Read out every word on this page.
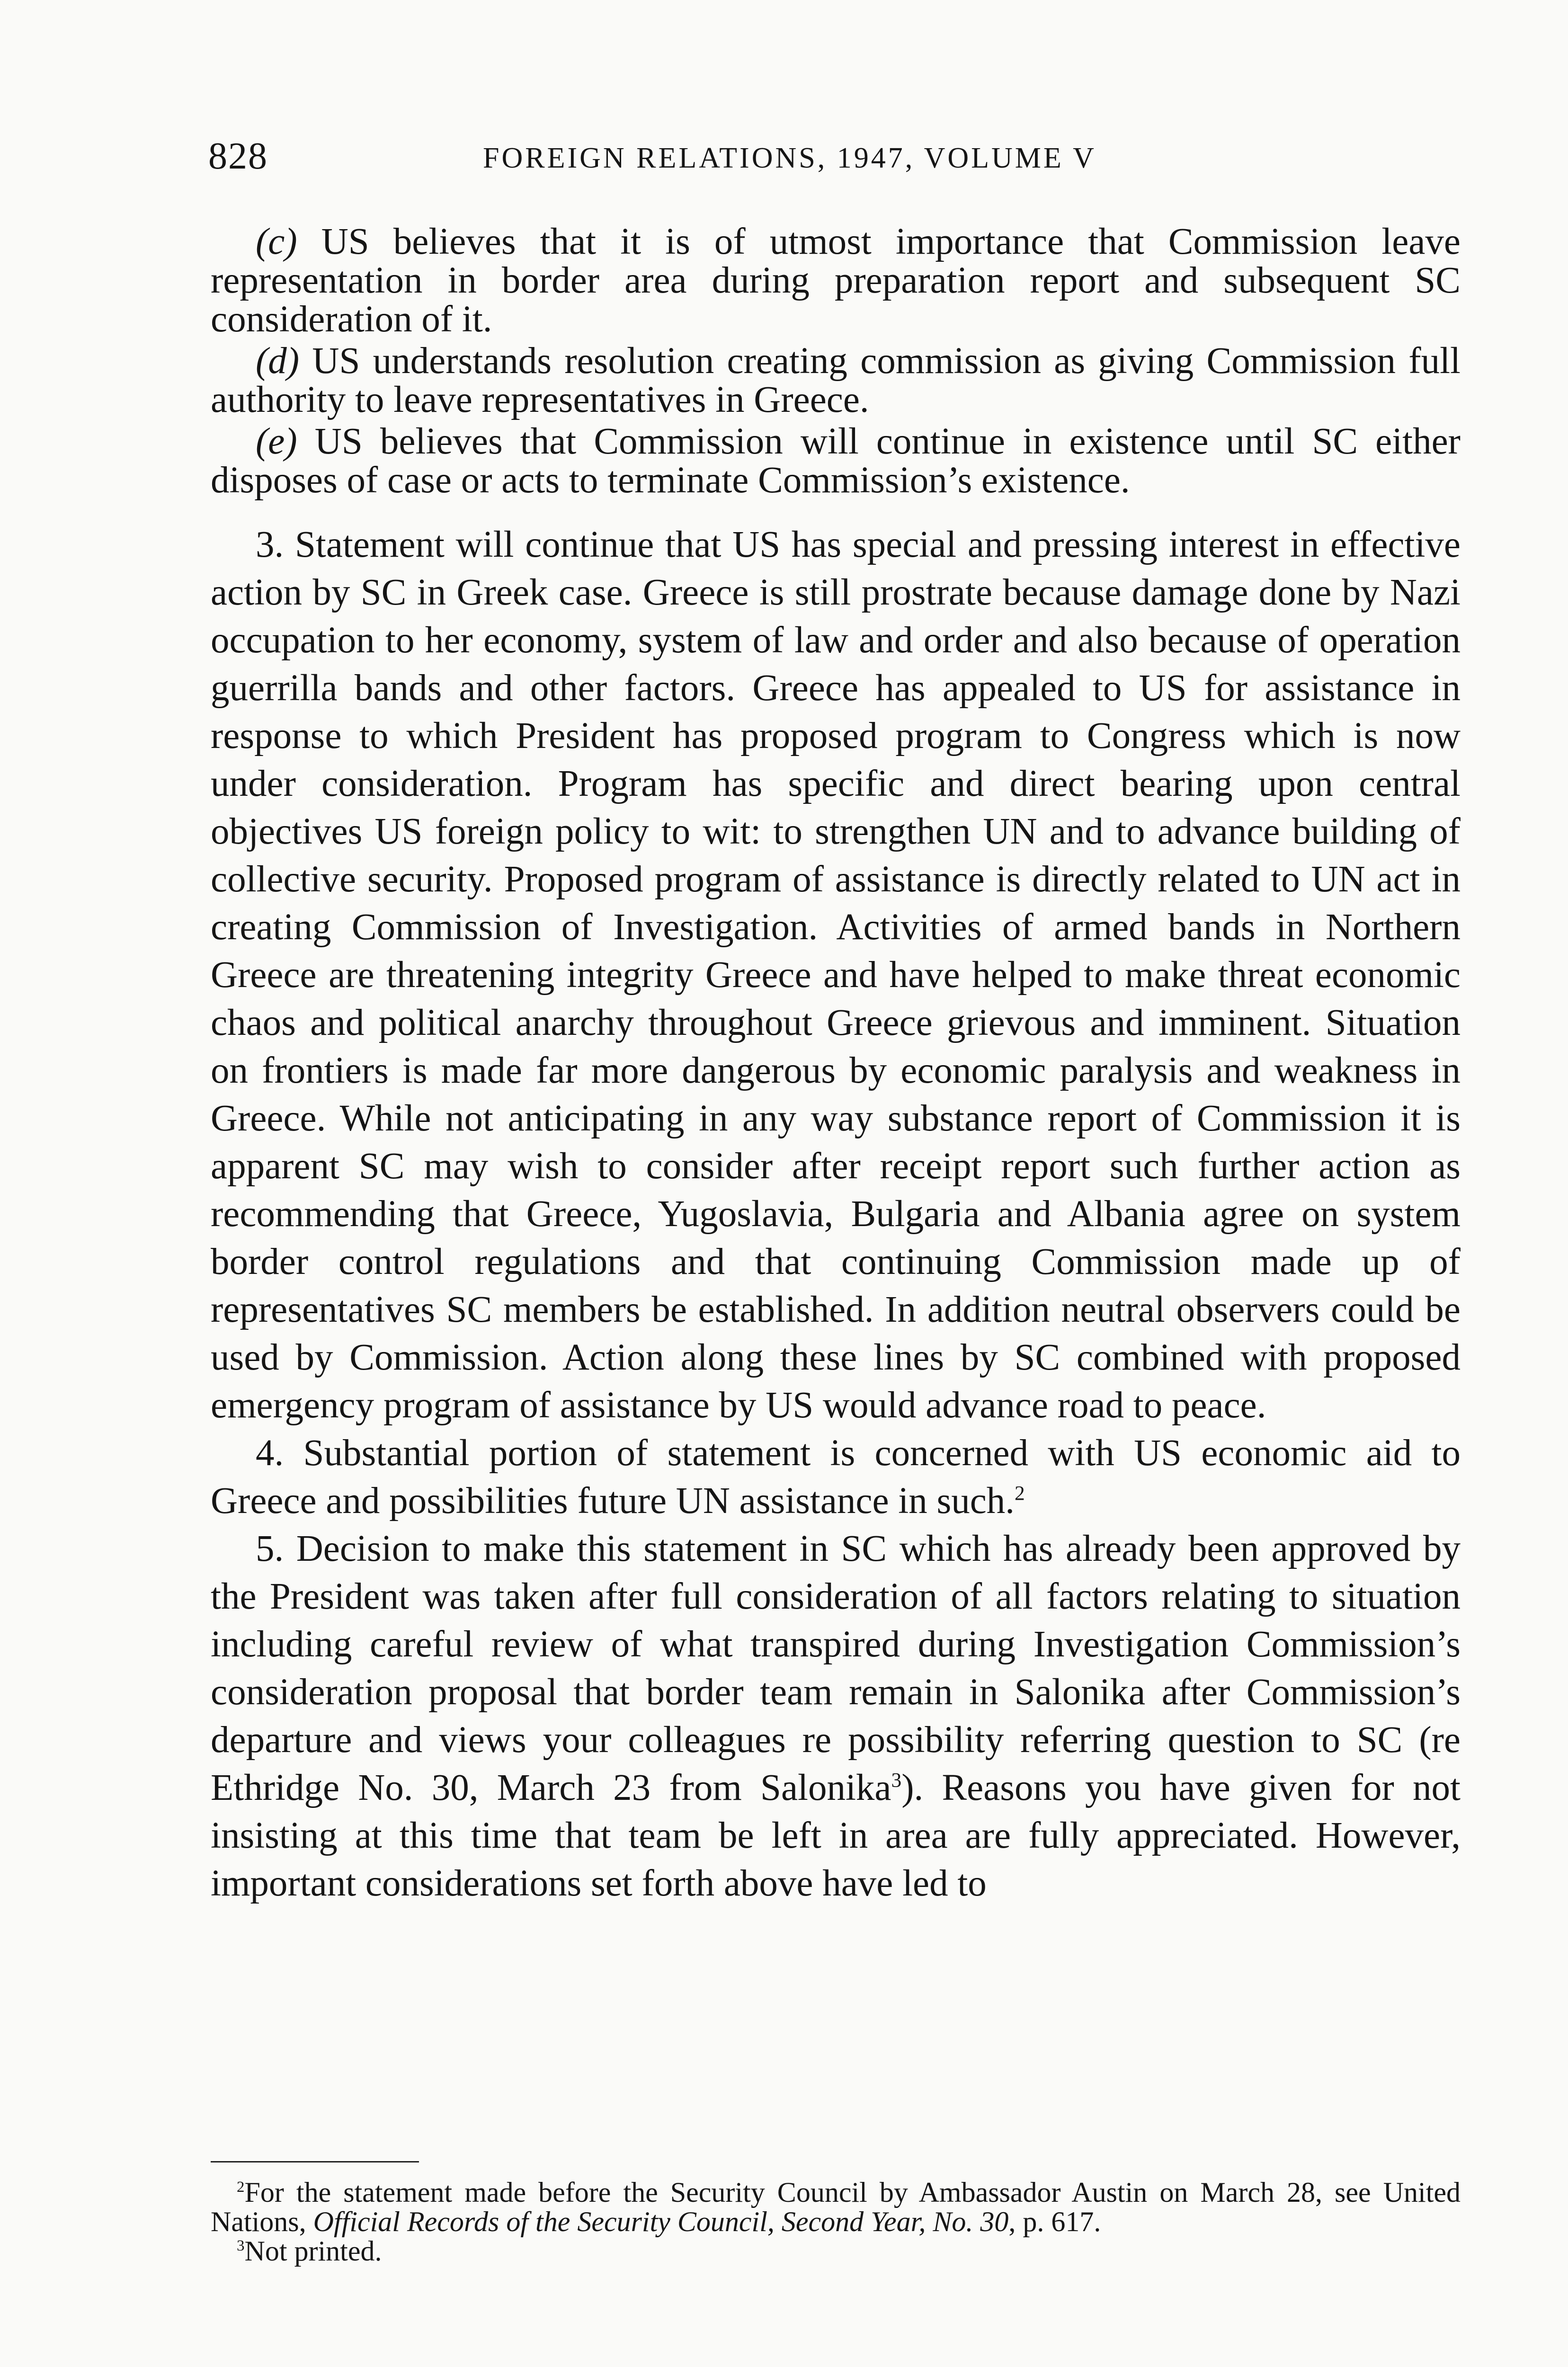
828	FOREIGN RELATIONS, 1947, VOLUME V

(c) US believes that it is of utmost importance that Commission leave representation in border area during preparation report and subsequent SC consideration of it.

(d) US understands resolution creating commission as giving Commission full authority to leave representatives in Greece.

(e) US believes that Commission will continue in existence until SC either disposes of case or acts to terminate Commission’s existence.

3. Statement will continue that US has special and pressing interest in effective action by SC in Greek case. Greece is still prostrate because damage done by Nazi occupation to her economy, system of law and order and also because of operation guerrilla bands and other factors. Greece has appealed to US for assistance in response to which President has proposed program to Congress which is now under consideration. Program has specific and direct bearing upon central objectives US foreign policy to wit: to strengthen UN and to advance building of collective security. Proposed program of assistance is directly related to UN act in creating Commission of Investigation. Activities of armed bands in Northern Greece are threatening integrity Greece and have helped to make threat economic chaos and political anarchy throughout Greece grievous and imminent. Situation on frontiers is made far more dangerous by economic paralysis and weakness in Greece. While not anticipating in any way substance report of Commission it is apparent SC may wish to consider after receipt report such further action as recommending that Greece, Yugoslavia, Bulgaria and Albania agree on system border control regulations and that continuing Commission made up of representatives SC members be established. In addition neutral observers could be used by Commission. Action along these lines by SC combined with proposed emergency program of assistance by US would advance road to peace.

4. Substantial portion of statement is concerned with US economic aid to Greece and possibilities future UN assistance in such.$^2$

5. Decision to make this statement in SC which has already been approved by the President was taken after full consideration of all factors relating to situation including careful review of what transpired during Investigation Commission’s consideration proposal that border team remain in Salonika after Commission’s departure and views your colleagues re possibility referring question to SC (re Ethridge No. 30, March 23 from Salonika$^3$). Reasons you have given for not insisting at this time that team be left in area are fully appreciated. However, important considerations set forth above have led to

$^2$For the statement made before the Security Council by Ambassador Austin on March 28, see United Nations, Official Records of the Security Council, Second Year, No. 30, p. 617.

$^3$Not printed.
